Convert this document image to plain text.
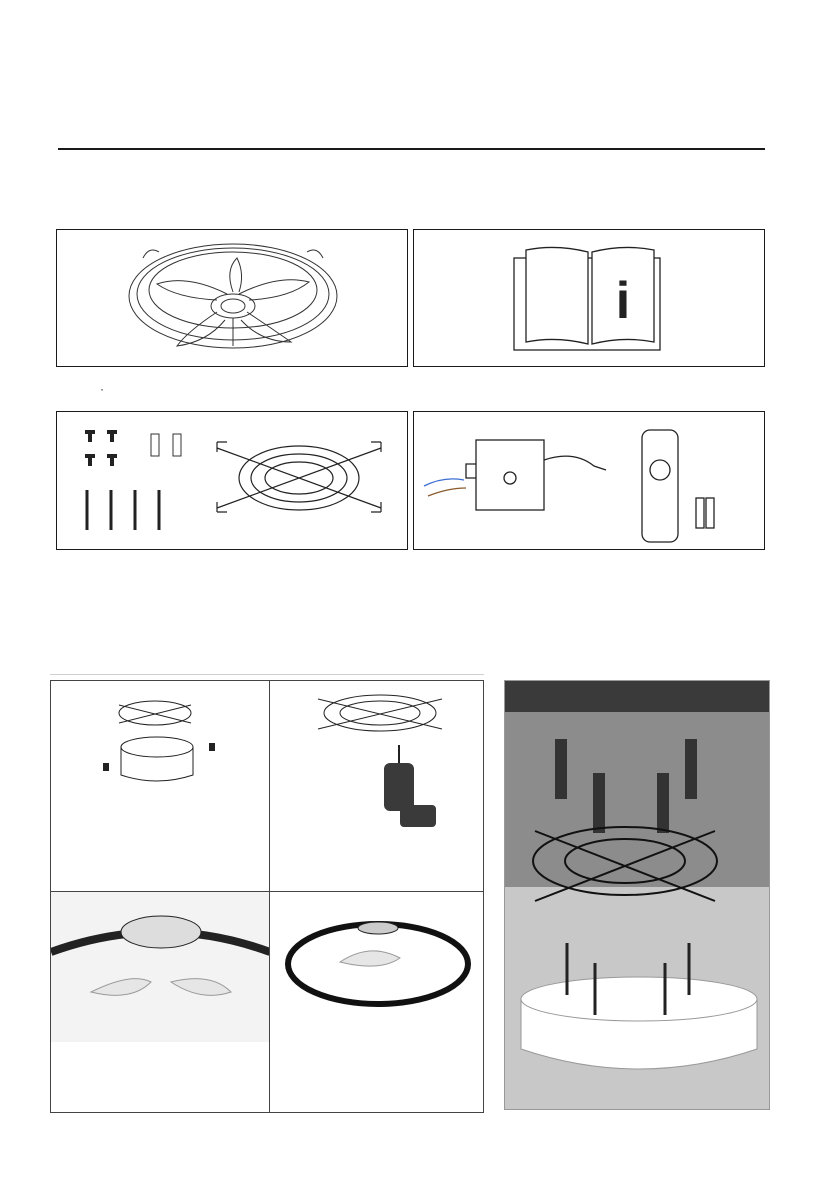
i
·
